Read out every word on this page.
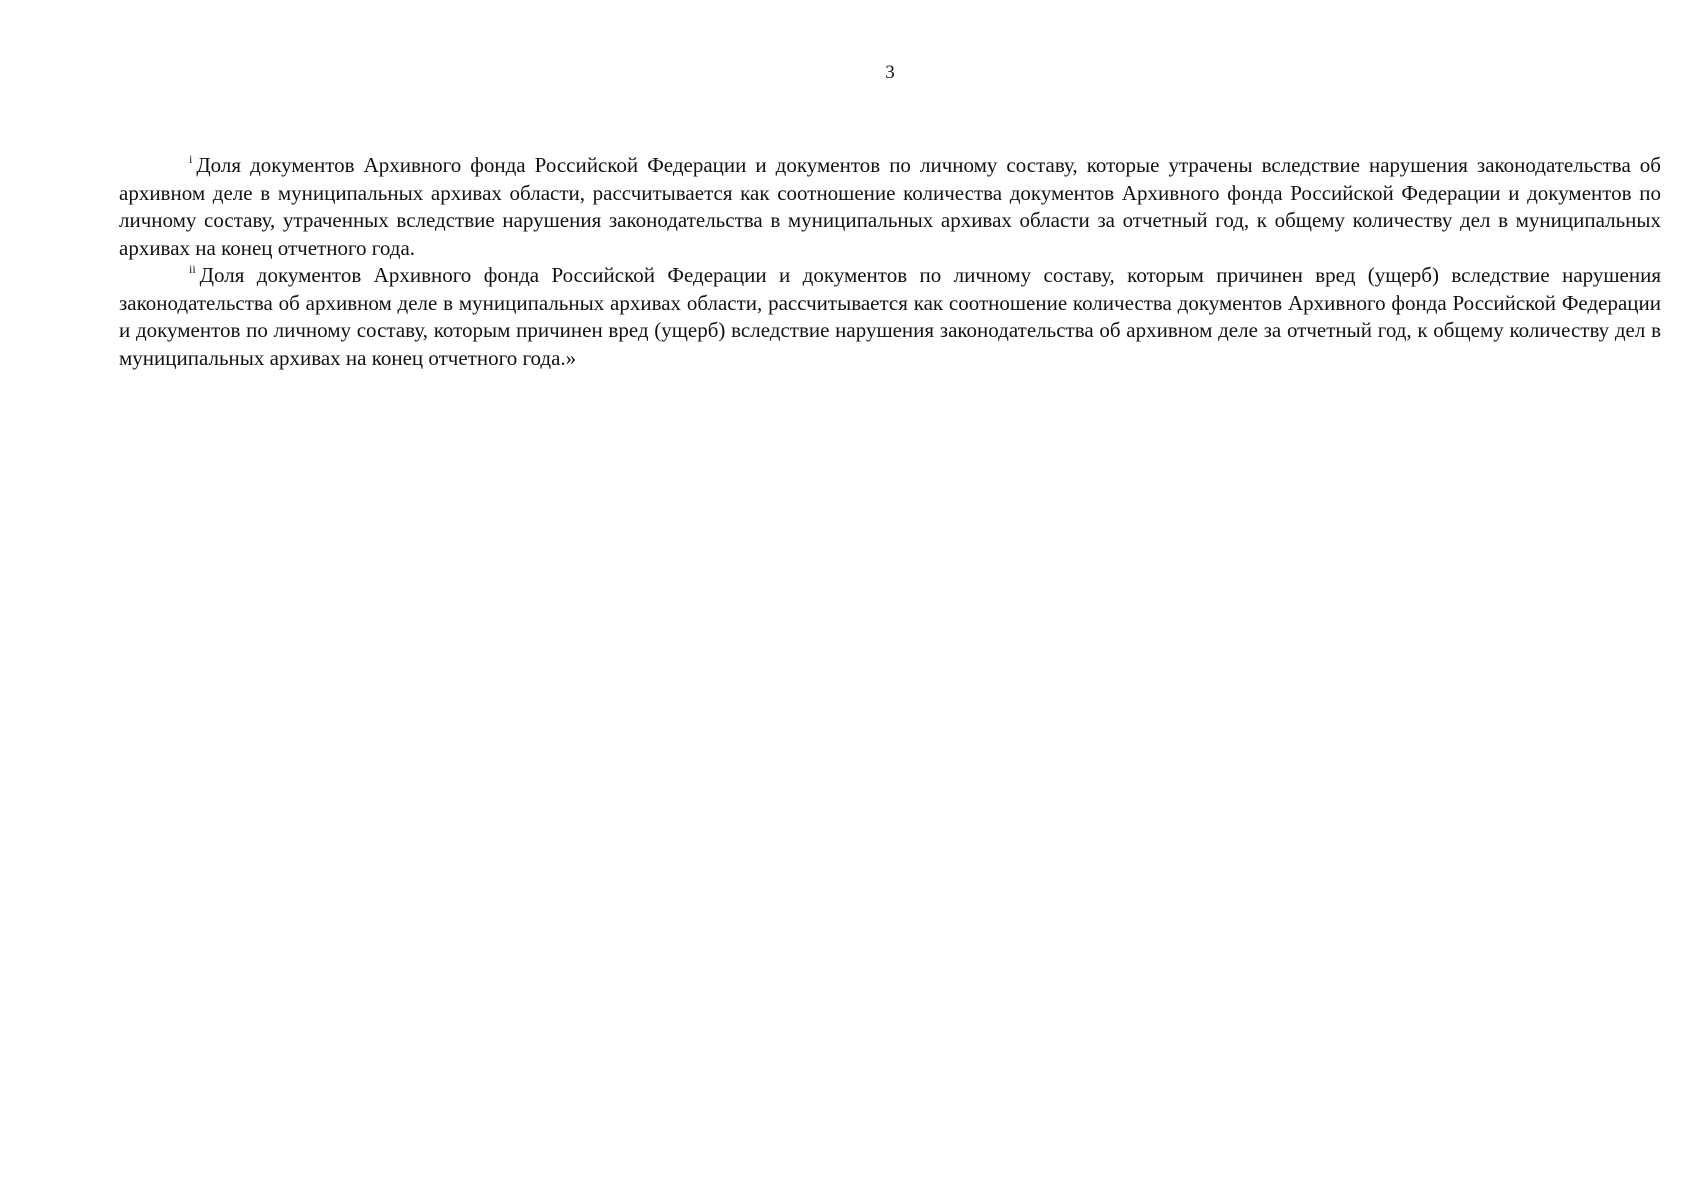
3

$^i$ Доля документов Архивного фонда Российской Федерации и документов по личному составу, которые утрачены вследствие нарушения законодательства об архивном деле в муниципальных архивах области, рассчитывается как соотношение количества документов Архивного фонда Российской Федерации и документов по личному составу, утраченных вследствие нарушения законодательства в муниципальных архивах области за отчетный год, к общему количеству дел в муниципальных архивах на конец отчетного года.

$^{ii}$ Доля документов Архивного фонда Российской Федерации и документов по личному составу, которым причинен вред (ущерб) вследствие нарушения законодательства об архивном деле в муниципальных архивах области, рассчитывается как соотношение количества документов Архивного фонда Российской Федерации и документов по личному составу, которым причинен вред (ущерб) вследствие нарушения законодательства об архивном деле за отчетный год, к общему количеству дел в муниципальных архивах на конец отчетного года.»
